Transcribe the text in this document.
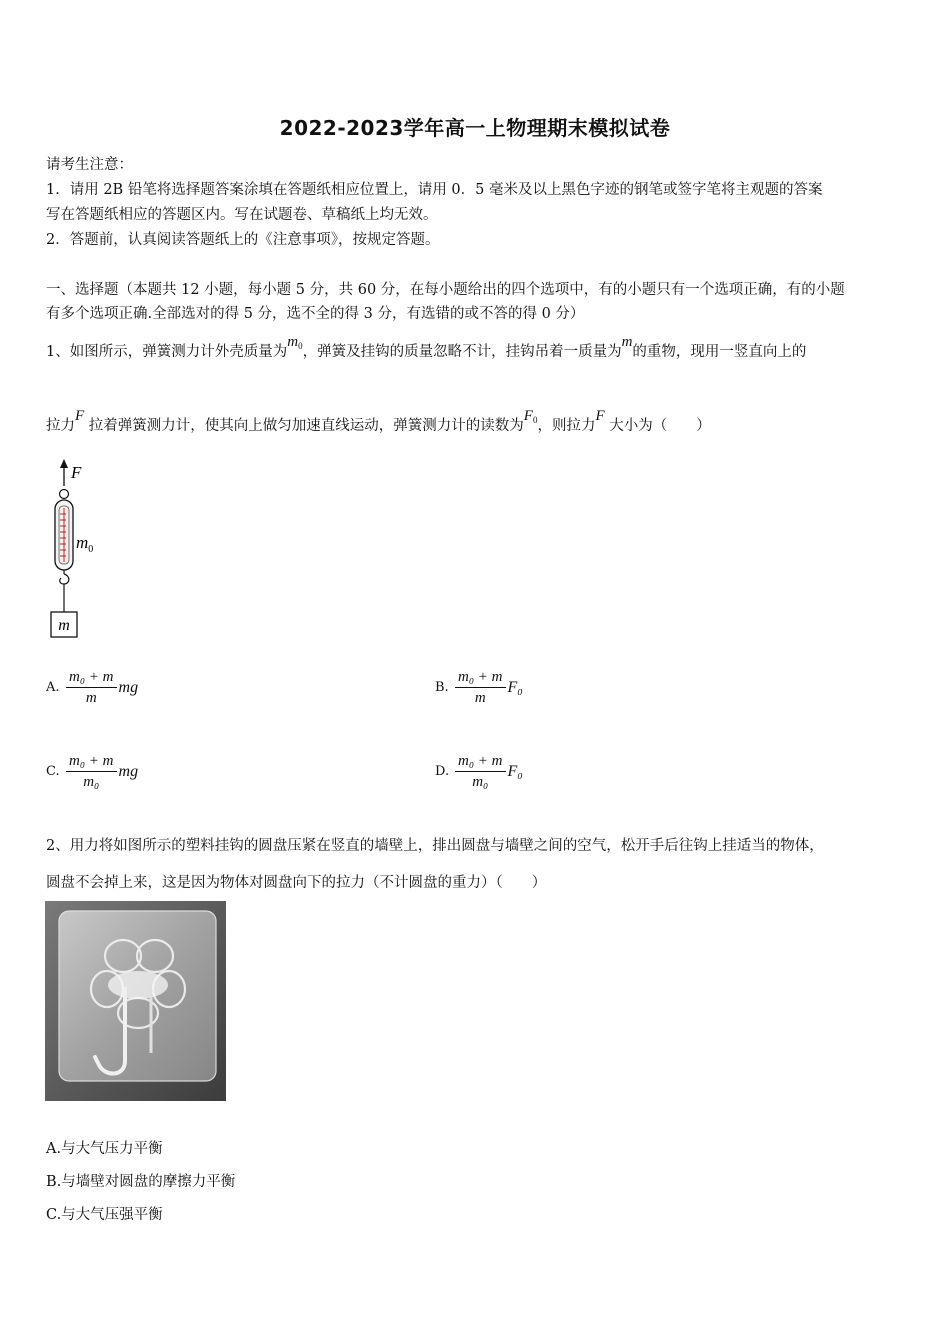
2022-2023学年高一上物理期末模拟试卷
请考生注意：
1．请用 2B 铅笔将选择题答案涂填在答题纸相应位置上，请用 0．5 毫米及以上黑色字迹的钢笔或签字笔将主观题的答案
写在答题纸相应的答题区内。写在试题卷、草稿纸上均无效。
2．答题前，认真阅读答题纸上的《注意事项》，按规定答题。
一、选择题（本题共 12 小题，每小题 5 分，共 60 分，在每小题给出的四个选项中，有的小题只有一个选项正确，有的小题
有多个选项正确.全部选对的得 5 分，选不全的得 3 分，有选错的或不答的得 0 分）
1、如图所示，弹簧测力计外壳质量为$m_0$，弹簧及挂钩的质量忽略不计，挂钩吊着一质量为m的重物，现用一竖直向上的
拉力F 拉着弹簧测力计，使其向上做匀加速直线运动，弹簧测力计的读数为$F_0$，则拉力F 大小为（　　）
F
$m_0$
m
A. $\frac{\text{m₀ + m}}{m}$ mg	B. $\frac{\text{m₀ + m}}{m} F_0$
C. $\frac{\text{m₀ + m}}{\text{m₀}}$ mg	D. $\frac{\text{m₀ + m}}{\text{m₀}} F_0$
2、用力将如图所示的塑料挂钩的圆盘压紧在竖直的墙壁上，排出圆盘与墙壁之间的空气，松开手后往钩上挂适当的物体，
圆盘不会掉上来，这是因为物体对圆盘向下的拉力（不计圆盘的重力）（　　）
A.与大气压力平衡
B.与墙壁对圆盘的摩擦力平衡
C.与大气压强平衡
